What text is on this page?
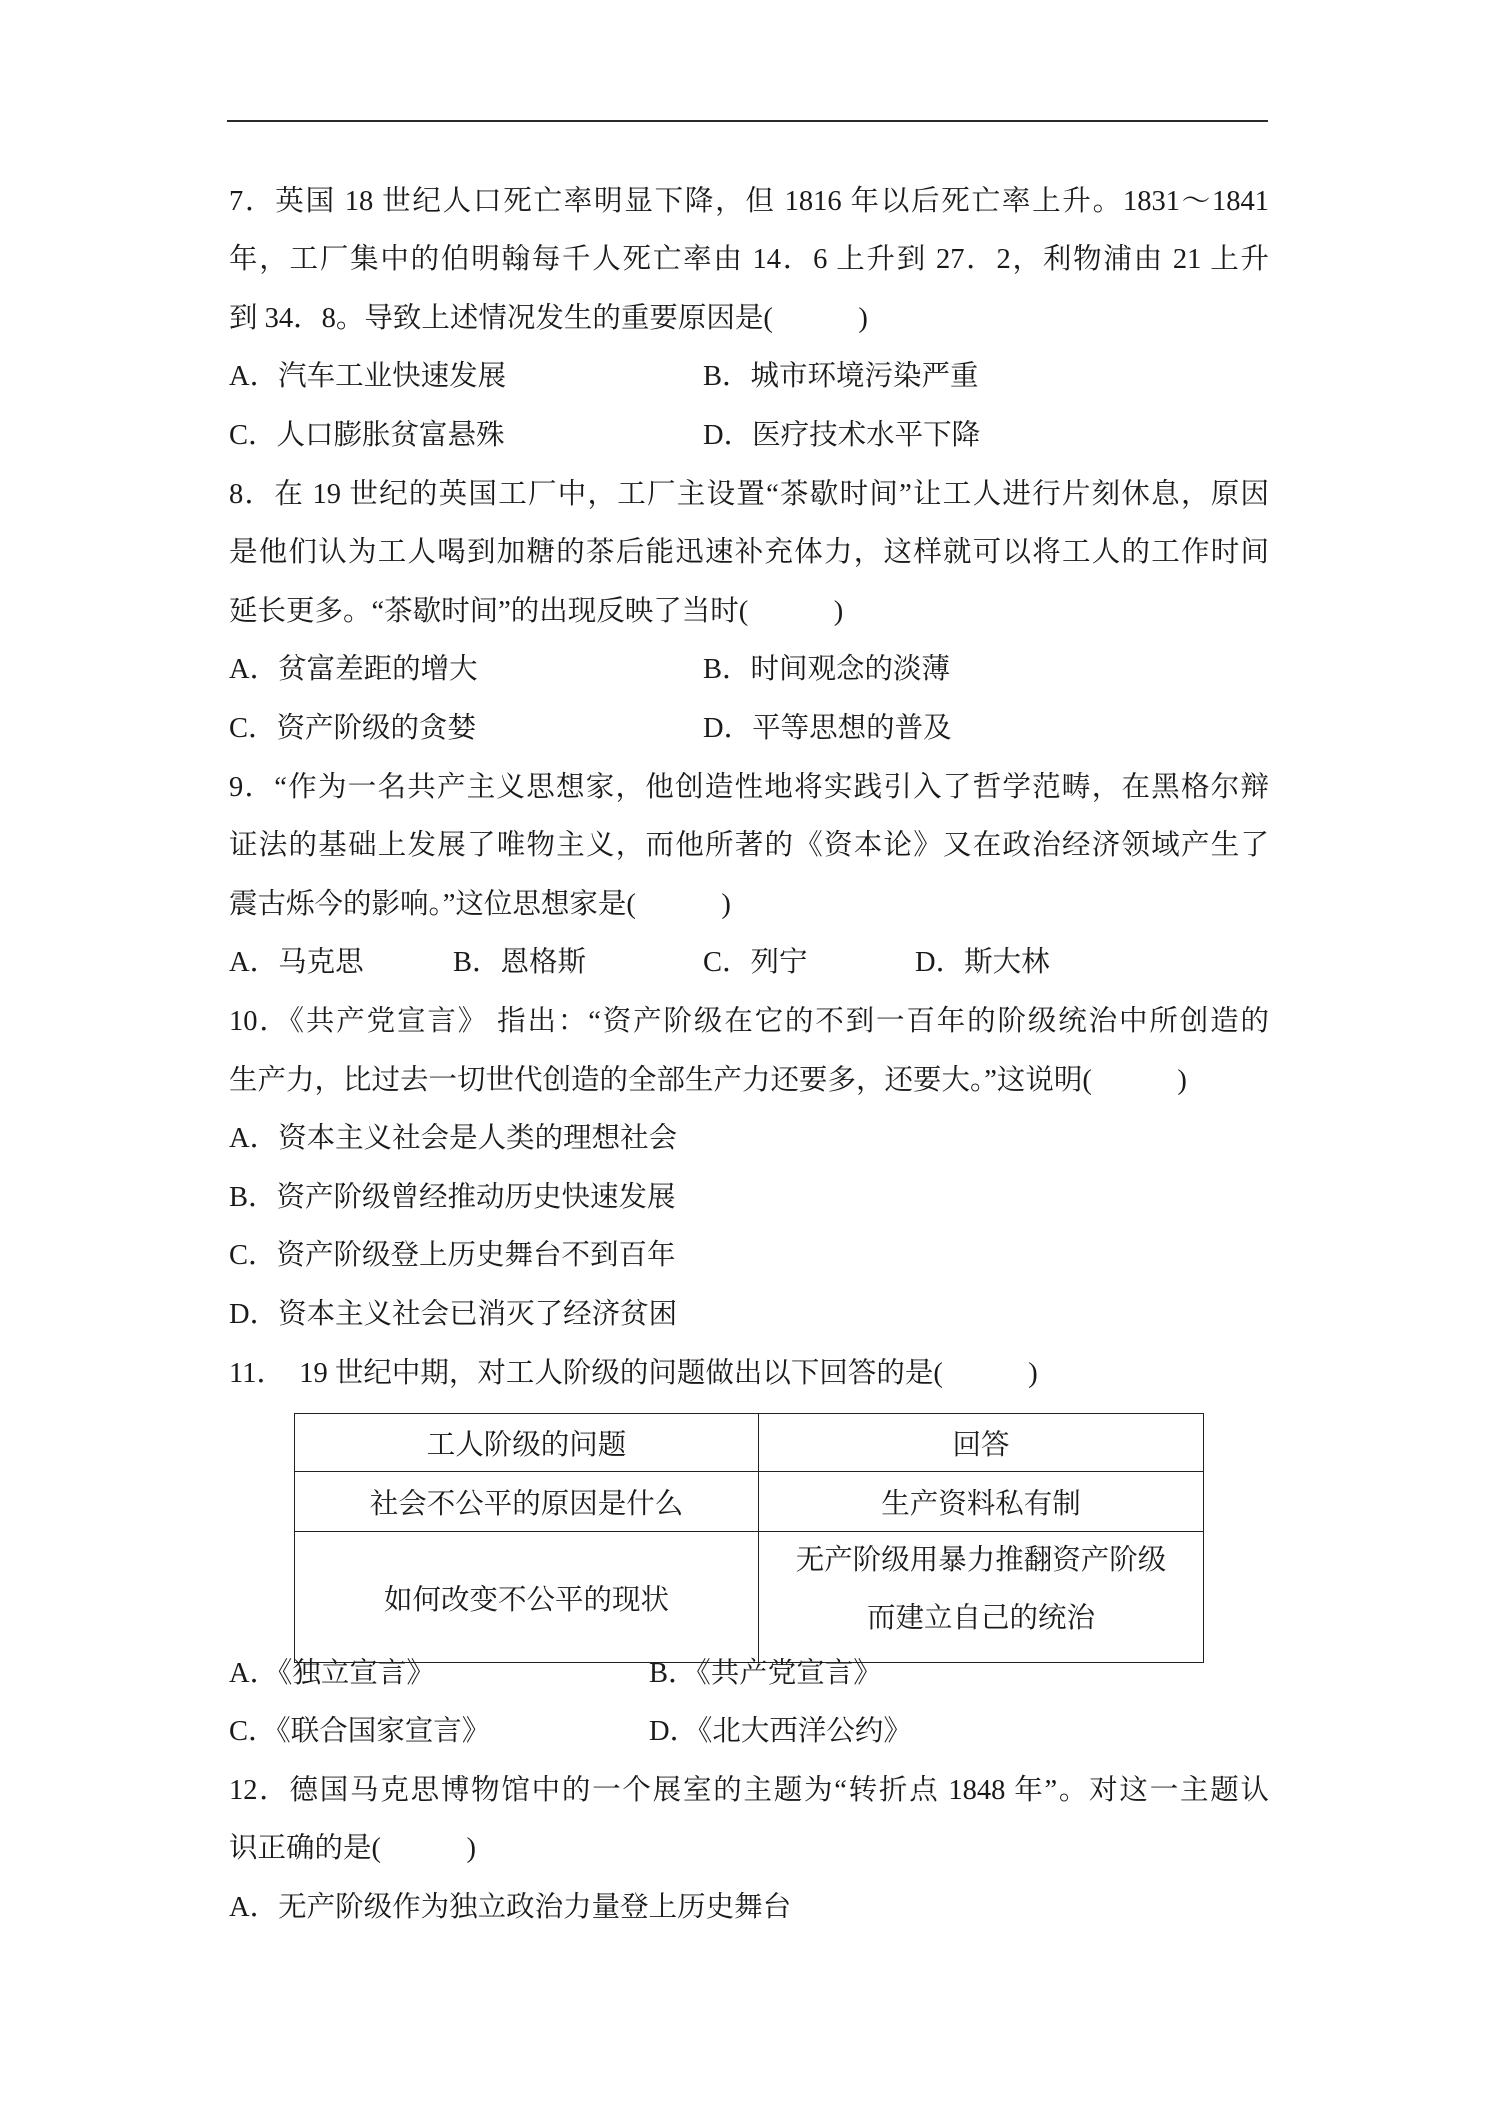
7．英国 18 世纪人口死亡率明显下降，但 1816 年以后死亡率上升。1831～1841
年，工厂集中的伯明翰每千人死亡率由 14．6 上升到 27．2，利物浦由 21 上升
到 34．8。导致上述情况发生的重要原因是(　　　)

A．汽车工业快速发展

	B．城市环境污染严重

C．人口膨胀贫富悬殊

	D．医疗技术水平下降

8．在 19 世纪的英国工厂中，工厂主设置“茶歇时间”让工人进行片刻休息，原因
是他们认为工人喝到加糖的茶后能迅速补充体力，这样就可以将工人的工作时间
延长更多。“茶歇时间”的出现反映了当时(　　　)

A．贫富差距的增大

	B．时间观念的淡薄

C．资产阶级的贪婪

	D．平等思想的普及

9．“作为一名共产主义思想家，他创造性地将实践引入了哲学范畴，在黑格尔辩
证法的基础上发展了唯物主义，而他所著的《资本论》又在政治经济领域产生了
震古烁今的影响。”这位思想家是(　　　)

A．马克思

	B．恩格斯

	C．列宁

	D．斯大林

10．《共产党宣言》 指出：“资产阶级在它的不到一百年的阶级统治中所创造的
生产力，比过去一切世代创造的全部生产力还要多，还要大。”这说明(　　　)
A．资本主义社会是人类的理想社会
B．资产阶级曾经推动历史快速发展
C．资产阶级登上历史舞台不到百年
D．资本主义社会已消灭了经济贫困
11．  19 世纪中期，对工人阶级的问题做出以下回答的是(　　　)
工人阶级的问题	回答
社会不公平的原因是什么	生产资料私有制
如何改变不公平的现状	无产阶级用暴力推翻资产阶级
而建立自己的统治

A．《独立宣言》

	B．《共产党宣言》

C．《联合国家宣言》

	D．《北大西洋公约》

12．德国马克思博物馆中的一个展室的主题为“转折点 1848 年”。对这一主题认
识正确的是(　　　)
A．无产阶级作为独立政治力量登上历史舞台
